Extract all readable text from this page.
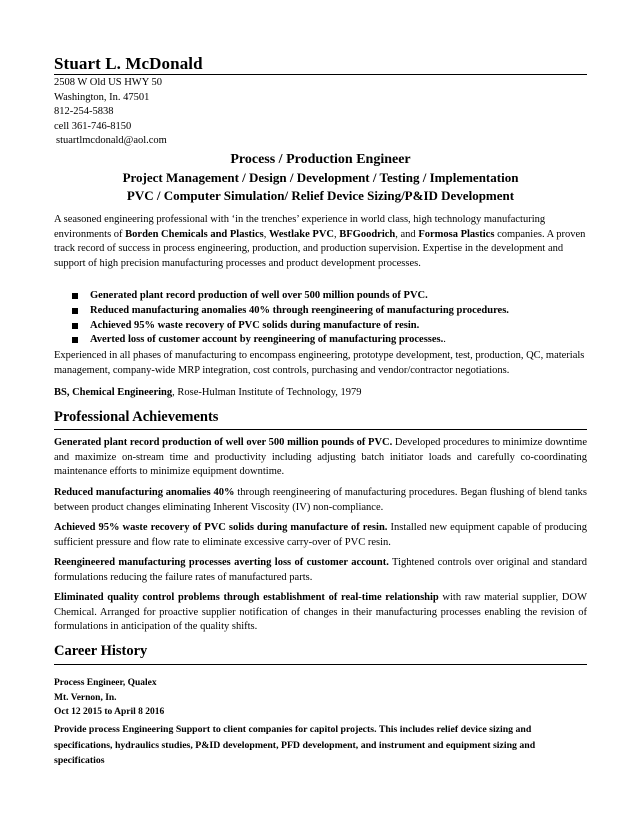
Stuart L. McDonald
2508 W Old US HWY 50
Washington, In. 47501
812-254-5838
cell 361-746-8150
stuartlmcdonald@aol.com
Process / Production Engineer
Project Management / Design / Development / Testing / Implementation
PVC / Computer Simulation/ Relief Device Sizing/P&ID Development
A seasoned engineering professional with ‘in the trenches’ experience in world class, high technology manufacturing environments of Borden Chemicals and Plastics, Westlake PVC, BFGoodrich, and Formosa Plastics companies. A proven track record of success in process engineering, production, and production supervision. Expertise in the development and support of high precision manufacturing processes and product development processes.
Generated plant record production of well over 500 million pounds of PVC.
Reduced manufacturing anomalies 40% through reengineering of manufacturing procedures.
Achieved 95% waste recovery of PVC solids during manufacture of resin.
Averted loss of customer account by reengineering of manufacturing processes..
Experienced in all phases of manufacturing to encompass engineering, prototype development, test, production, QC, materials management, company-wide MRP integration, cost controls, purchasing and vendor/contractor negotiations.
BS, Chemical Engineering, Rose-Hulman Institute of Technology, 1979
Professional Achievements
Generated plant record production of well over 500 million pounds of PVC. Developed procedures to minimize downtime and maximize on-stream time and productivity including adjusting batch initiator loads and carefully co-coordinating maintenance efforts to minimize equipment downtime.
Reduced manufacturing anomalies 40% through reengineering of manufacturing procedures. Began flushing of blend tanks between product changes eliminating Inherent Viscosity (IV) non-compliance.
Achieved 95% waste recovery of PVC solids during manufacture of resin. Installed new equipment capable of producing sufficient pressure and flow rate to eliminate excessive carry-over of PVC resin.
Reengineered manufacturing processes averting loss of customer account. Tightened controls over original and standard formulations reducing the failure rates of manufactured parts.
Eliminated quality control problems through establishment of real-time relationship with raw material supplier, DOW Chemical. Arranged for proactive supplier notification of changes in their manufacturing processes enabling the revision of formulations in anticipation of the quality shifts.
Career History
Process Engineer, Qualex
Mt. Vernon, In.
Oct 12 2015 to April 8 2016
Provide process Engineering Support to client companies for capitol projects. This includes relief device sizing and specifications, hydraulics studies, P&ID development, PFD development, and instrument and equipment sizing and specificatios
